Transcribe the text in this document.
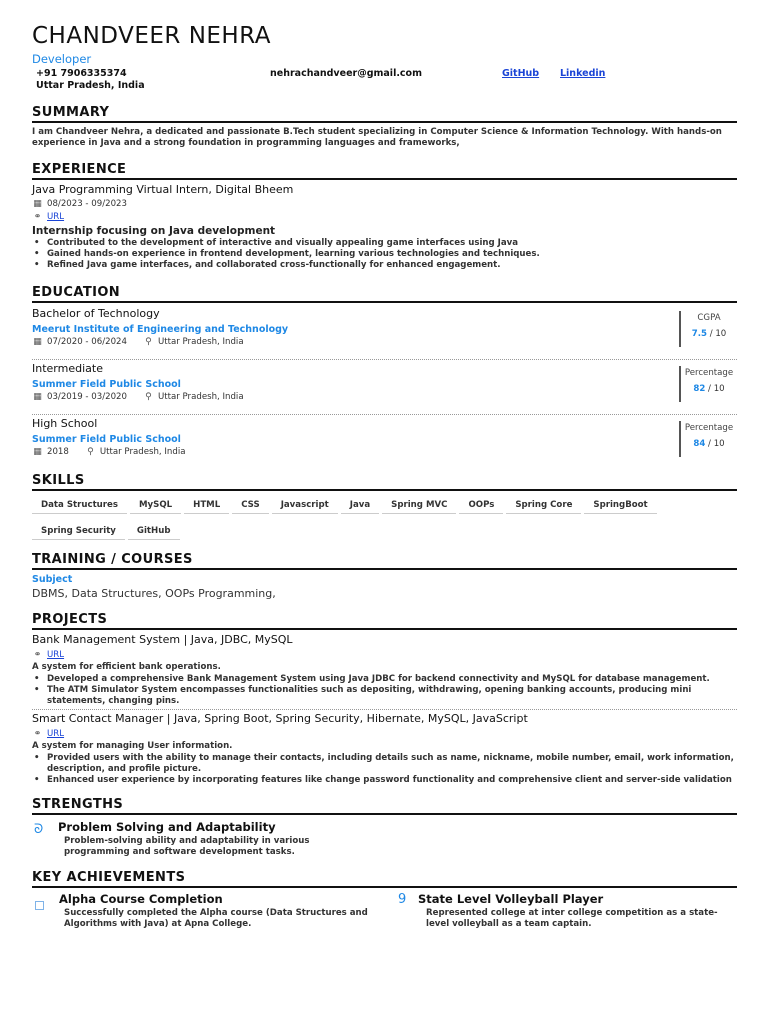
CHANDVEER NEHRA
Developer
+91 7906335374
Uttar Pradesh, India
nehrachandveer@gmail.com	GitHub Linkedin
SUMMARY
I am Chandveer Nehra, a dedicated and passionate B.Tech student specializing in Computer Science & Information Technology. With hands-on experience in Java and a strong foundation in programming languages and frameworks,
EXPERIENCE
Java Programming Virtual Intern, Digital Bheem
▦ 08/2023 - 09/2023
⚭ URL
Internship focusing on Java development
• Contributed to the development of interactive and visually appealing game interfaces using Java
• Gained hands-on experience in frontend development, learning various technologies and techniques.
• Refined Java game interfaces, and collaborated cross-functionally for enhanced engagement.
EDUCATION
Bachelor of Technology
Meerut Institute of Engineering and Technology
▦ 07/2020 - 06/2024 ⚲ Uttar Pradesh, India
CGPA
7.5 / 10
Intermediate
Summer Field Public School
▦ 03/2019 - 03/2020 ⚲ Uttar Pradesh, India
Percentage
82 / 10
High School
Summer Field Public School
▦ 2018 ⚲ Uttar Pradesh, India
Percentage
84 / 10
SKILLS
Data Structures	MySQL	HTML	CSS	Javascript	Java	Spring MVC	OOPs	Spring Core	SpringBoot
Spring Security	GitHub
TRAINING / COURSES
Subject
DBMS, Data Structures, OOPs Programming,
PROJECTS
Bank Management System | Java, JDBC, MySQL
⚭ URL
A system for efficient bank operations.
• Developed a comprehensive Bank Management System using Java JDBC for backend connectivity and MySQL for database management.
• The ATM Simulator System encompasses functionalities such as depositing, withdrawing, opening banking accounts, producing mini statements, changing pins.
Smart Contact Manager | Java, Spring Boot, Spring Security, Hibernate, MySQL, JavaScript
⚭ URL
A system for managing User information.
• Provided users with the ability to manage their contacts, including details such as name, nickname, mobile number, email, work information, description, and profile picture.
• Enhanced user experience by incorporating features like change password functionality and comprehensive client and server-side validation
STRENGTHS
ᘐ	Problem Solving and Adaptability
Problem-solving ability and adaptability in various programming and software development tasks.
KEY ACHIEVEMENTS
Alpha Course Completion
Successfully completed the Alpha course (Data Structures and Algorithms with Java) at Apna College.
9	State Level Volleyball Player
Represented college at inter college competition as a state-level volleyball as a team captain.
